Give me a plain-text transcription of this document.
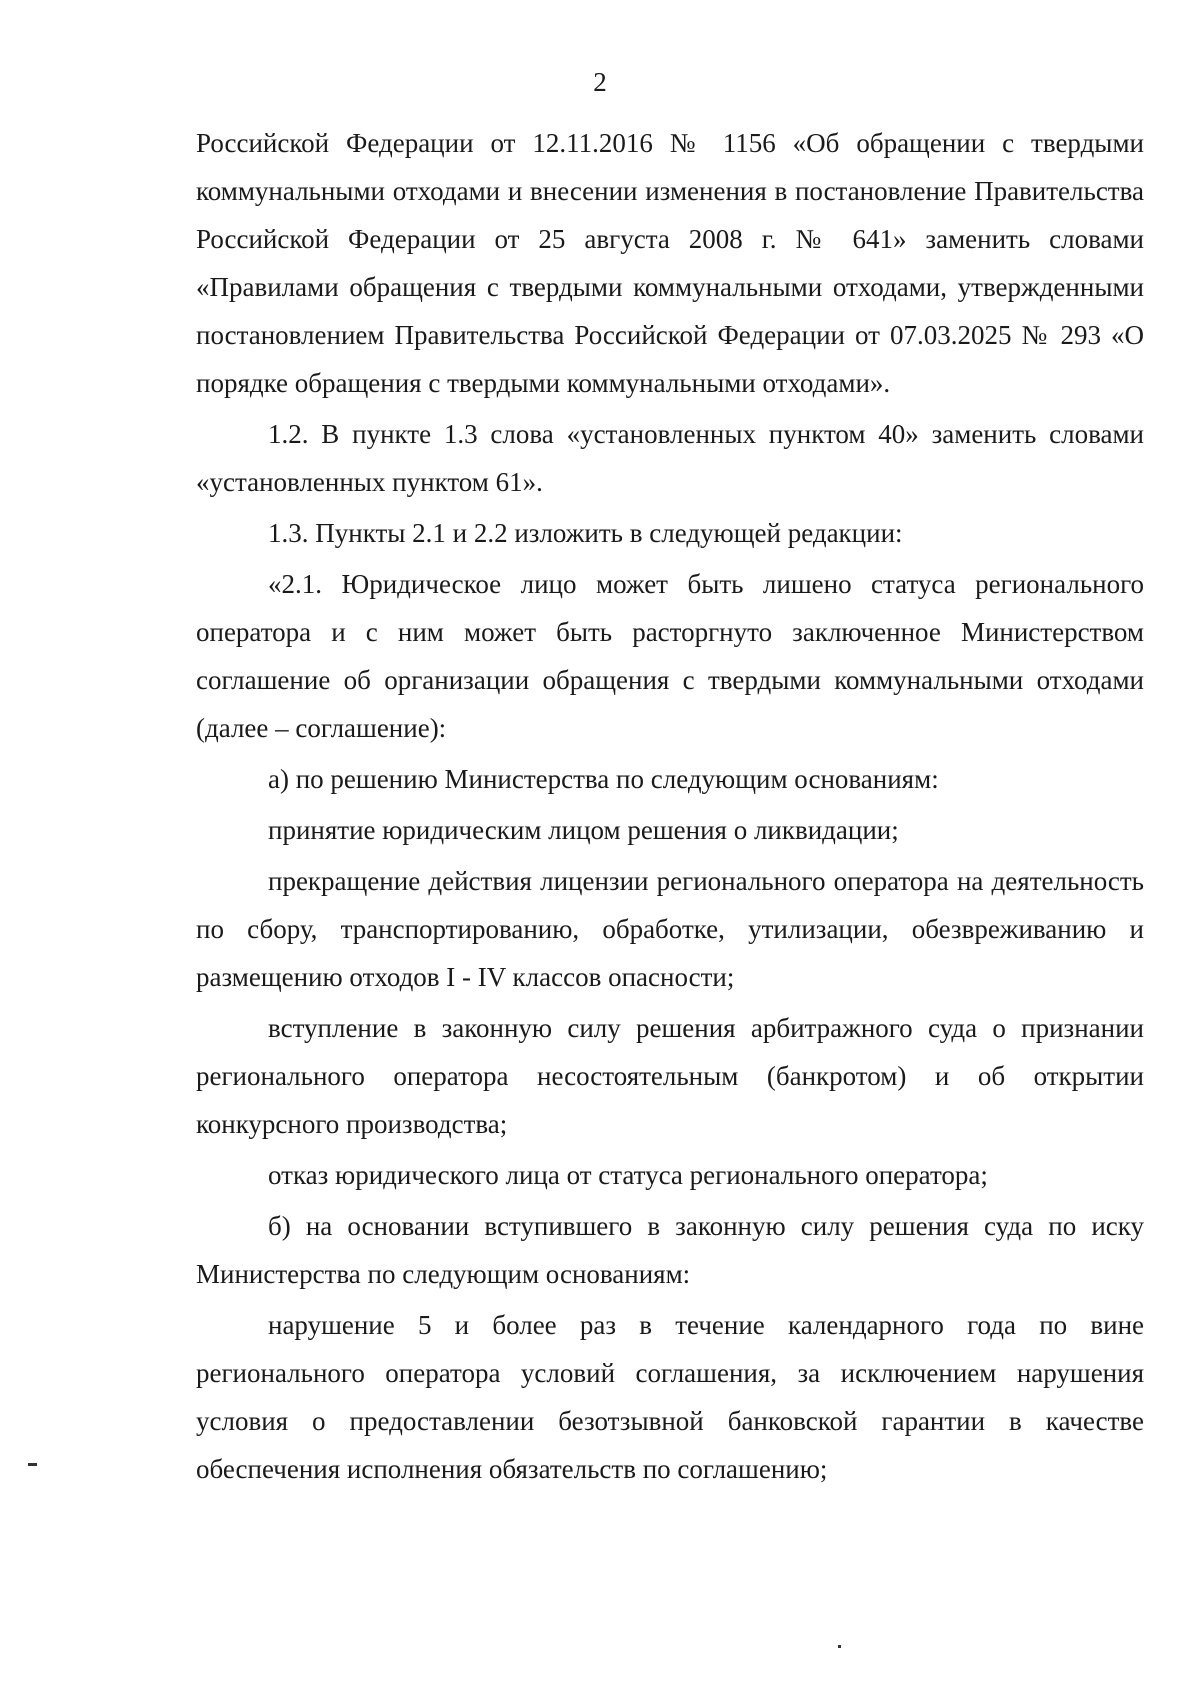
2

Российской Федерации от 12.11.2016 № 1156 «Об обращении с твердыми коммунальными отходами и внесении изменения в постановление Правительства Российской Федерации от 25 августа 2008 г. № 641» заменить словами «Правилами обращения с твердыми коммунальными отходами, утвержденными постановлением Правительства Российской Федерации от 07.03.2025 № 293 «О порядке обращения с твердыми коммунальными отходами».

1.2. В пункте 1.3 слова «установленных пунктом 40» заменить словами «установленных пунктом 61».

1.3. Пункты 2.1 и 2.2 изложить в следующей редакции:

«2.1. Юридическое лицо может быть лишено статуса регионального оператора и с ним может быть расторгнуто заключенное Министерством соглашение об организации обращения с твердыми коммунальными отходами (далее – соглашение):

а) по решению Министерства по следующим основаниям:

принятие юридическим лицом решения о ликвидации;

прекращение действия лицензии регионального оператора на деятельность по сбору, транспортированию, обработке, утилизации, обезвреживанию и размещению отходов I - IV классов опасности;

вступление в законную силу решения арбитражного суда о признании регионального оператора несостоятельным (банкротом) и об открытии конкурсного производства;

отказ юридического лица от статуса регионального оператора;

б) на основании вступившего в законную силу решения суда по иску Министерства по следующим основаниям:

нарушение 5 и более раз в течение календарного года по вине регионального оператора условий соглашения, за исключением нарушения условия о предоставлении безотзывной банковской гарантии в качестве обеспечения исполнения обязательств по соглашению;
